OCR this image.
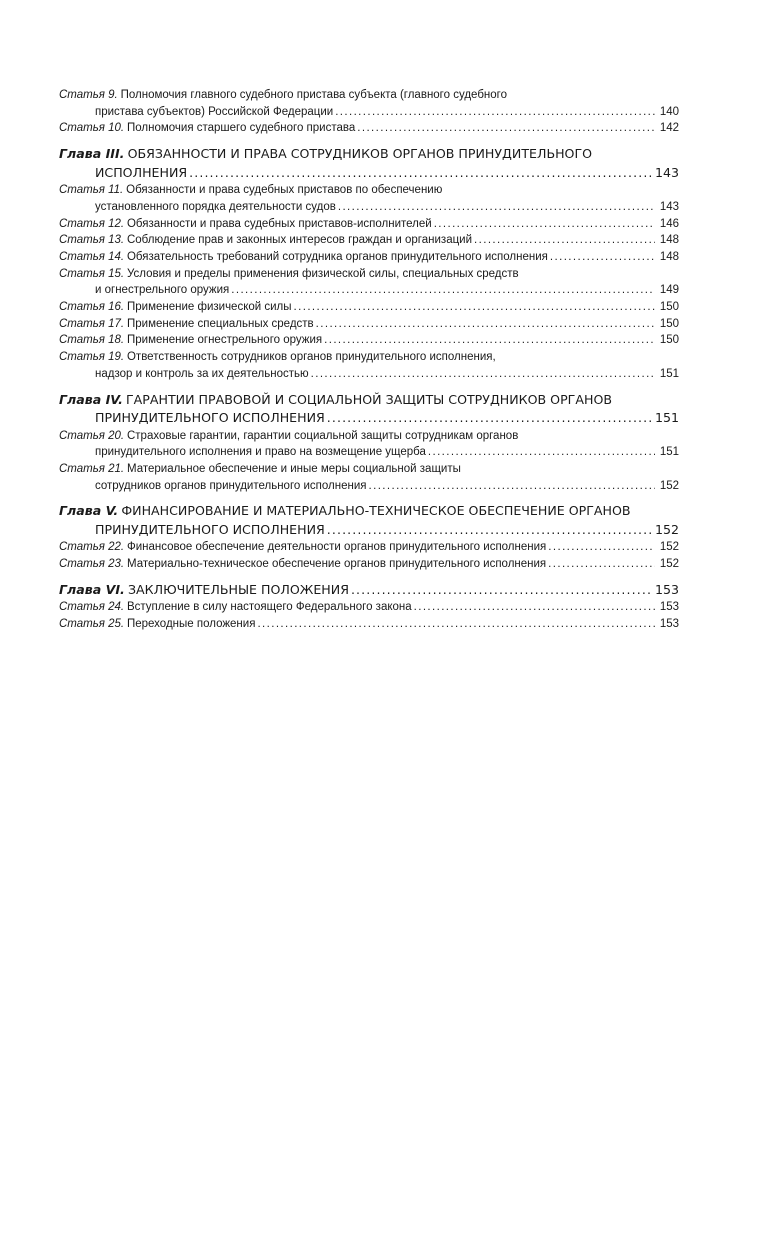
Статья 9. Полномочия главного судебного пристава субъекта (главного судебного
пристава субъектов) Российской Федерации .....	140
Статья 10. Полномочия старшего судебного пристава .....	142
Глава III. ОБЯЗАННОСТИ И ПРАВА СОТРУДНИКОВ ОРГАНОВ ПРИНУДИТЕЛЬНОГО
ИСПОЛНЕНИЯ .....	143
Статья 11. Обязанности и права судебных приставов по обеспечению
установленного порядка деятельности судов .....	143
Статья 12. Обязанности и права судебных приставов-исполнителей .....	146
Статья 13. Соблюдение прав и законных интересов граждан и организаций .....	148
Статья 14. Обязательность требований сотрудника органов принудительного исполнения .....	148
Статья 15. Условия и пределы применения физической силы, специальных средств
и огнестрельного оружия .....	149
Статья 16. Применение физической силы .....	150
Статья 17. Применение специальных средств .....	150
Статья 18. Применение огнестрельного оружия .....	150
Статья 19. Ответственность сотрудников органов принудительного исполнения,
надзор и контроль за их деятельностью .....	151
Глава IV. ГАРАНТИИ ПРАВОВОЙ И СОЦИАЛЬНОЙ ЗАЩИТЫ СОТРУДНИКОВ ОРГАНОВ
ПРИНУДИТЕЛЬНОГО ИСПОЛНЕНИЯ .....	151
Статья 20. Страховые гарантии, гарантии социальной защиты сотрудникам органов
принудительного исполнения и право на возмещение ущерба .....	151
Статья 21. Материальное обеспечение и иные меры социальной защиты
сотрудников органов принудительного исполнения .....	152
Глава V. ФИНАНСИРОВАНИЕ И МАТЕРИАЛЬНО-ТЕХНИЧЕСКОЕ ОБЕСПЕЧЕНИЕ ОРГАНОВ
ПРИНУДИТЕЛЬНОГО ИСПОЛНЕНИЯ .....	152
Статья 22. Финансовое обеспечение деятельности органов принудительного исполнения .....	152
Статья 23. Материально-техническое обеспечение органов принудительного исполнения .....	152
Глава VI. ЗАКЛЮЧИТЕЛЬНЫЕ ПОЛОЖЕНИЯ .....	153
Статья 24. Вступление в силу настоящего Федерального закона .....	153
Статья 25. Переходные положения .....	153
